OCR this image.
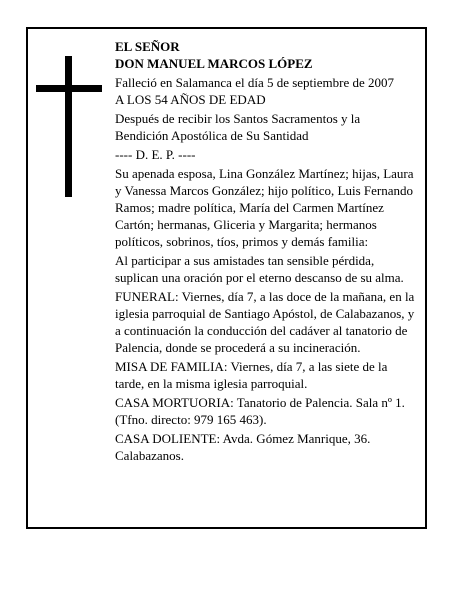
EL SEÑOR

DON MANUEL MARCOS LÓPEZ

Falleció en Salamanca el día 5 de septiembre de 2007

A LOS 54 AÑOS DE EDAD

Después de recibir los Santos Sacramentos y la Bendición Apostólica de Su Santidad

---- D. E. P. ----

Su apenada esposa, Lina González Martínez; hijas, Laura y Vanessa Marcos González; hijo político, Luis Fernando Ramos; madre política, María del Carmen Martínez Cartón; hermanas, Gliceria y Margarita; hermanos políticos, sobrinos, tíos, primos y demás familia:

Al participar a sus amistades tan sensible pérdida, suplican una oración por el eterno descanso de su alma.

FUNERAL: Viernes, día 7, a las doce de la mañana, en la iglesia parroquial de Santiago Apóstol, de Calabazanos, y a continuación la conducción del cadáver al tanatorio de Palencia, donde se procederá a su incineración.

MISA DE FAMILIA: Viernes, día 7, a las siete de la tarde, en la misma iglesia parroquial.

CASA MORTUORIA: Tanatorio de Palencia. Sala nº 1. (Tfno. directo: 979 165 463).

CASA DOLIENTE: Avda. Gómez Manrique, 36. Calabazanos.
